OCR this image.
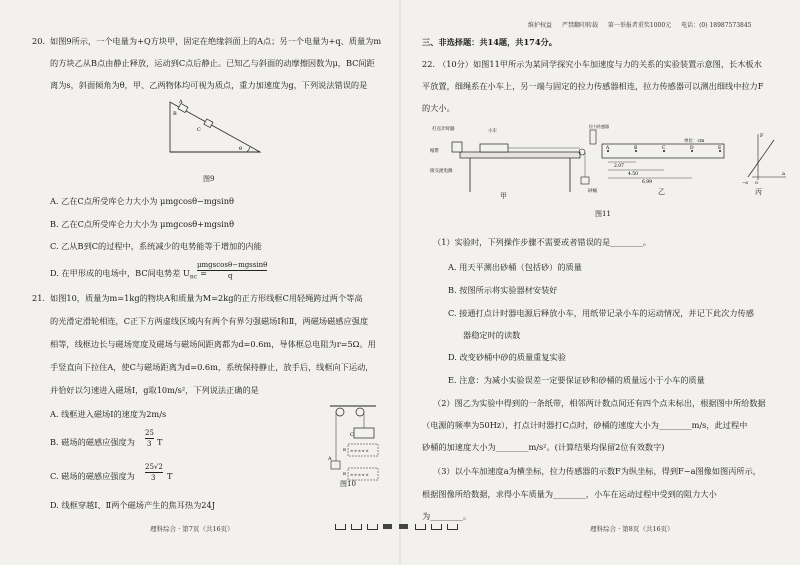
20. 如图9所示，一个电量为+Q方块甲，固定在绝缘斜面上的A点；另一个电量为+q、质量为m
的方块乙从B点由静止释放，运动到C点后静止。已知乙与斜面的动摩擦因数为μ，BC间距
离为s，斜面倾角为θ，甲、乙两物体均可视为质点，重力加速度为g，下列说法错误的是
A
B
C
θ
图9
A. 乙在C点所受库仑力大小为 μmgcosθ−mgsinθ
B. 乙在C点所受库仑力大小为 μmgcosθ+mgsinθ
C. 乙从B到C的过程中，系统减少的电势能等于增加的内能
D. 在甲形成的电场中，BC间电势差 $U_{BC}$ =
μmgscosθ−mgssinθ
q
21. 如图10，质量为m=1kg的物块A和质量为M=2kg的正方形线框C用轻绳跨过两个等高
的光滑定滑轮相连，C正下方两虚线区域内有两个有界匀强磁场Ⅰ和Ⅱ，两磁场磁感应强度
相等，线框边长与磁场宽度及磁场与磁场间距离都为d=0.6m，导体框总电阻为r=5Ω。用
手竖直向下拉住A，使C与磁场距离为d=0.6m，系统保持静止，放手后，线框向下运动，
并恰好以匀速进入磁场Ⅰ，g取10m/s²，下列说法正确的是
A. 线框进入磁场Ⅰ的速度为2m/s
B. 磁场的磁感应强度为
25
3 T
C. 磁场的磁感应强度为
25√2
3 T
D. 线框穿越Ⅰ、Ⅱ两个磁场产生的焦耳热为24J
×××××
×××××
A
C
B
B
图10
理科综合 · 第7页（共16页）
维护权益 严禁翻印转载 第一举报者重奖1000元 电话：(0) 18987573845
三、非选择题：共14题，共174分。
22. （10分）如图11甲所示为某同学探究小车加速度与力的关系的实验装置示意图，长木板水
平放置，细绳系在小车上，另一端与固定的拉力传感器相连，拉力传感器可以测出细线中拉力F
的大小。
打点计时器	小车
纸带
接交流电源
拉力传感器
砂桶
甲
单位：cm
A	B	C	D	E
2.07
4.50
6.99
乙
F
a
O
−6
丙
图11
（1）实验时，下列操作步骤不需要或者错误的是________。
A. 用天平测出砂桶（包括砂）的质量
B. 按图所示将实验器材安装好
C. 接通打点计时器电源后释放小车，用纸带记录小车的运动情况，并记下此次力传感
器稳定时的读数
D. 改变砂桶中砂的质量重复实验
E. 注意：为减小实验误差一定要保证砂和砂桶的质量远小于小车的质量
（2）图乙为实验中得到的一条纸带，相邻两计数点间还有四个点未标出，根据图中所给数据
（电源的频率为50Hz），打点计时器打C点时，砂桶的速度大小为________m/s，此过程中
砂桶的加速度大小为________m/s²。(计算结果均保留2位有效数字)
（3）以小车加速度a为横坐标，拉力传感器的示数F为纵坐标，得到F−a图像如图丙所示，
根据图像所给数据，求得小车质量为________，小车在运动过程中受到的阻力大小
为________。
理科综合 · 第8页（共16页）
